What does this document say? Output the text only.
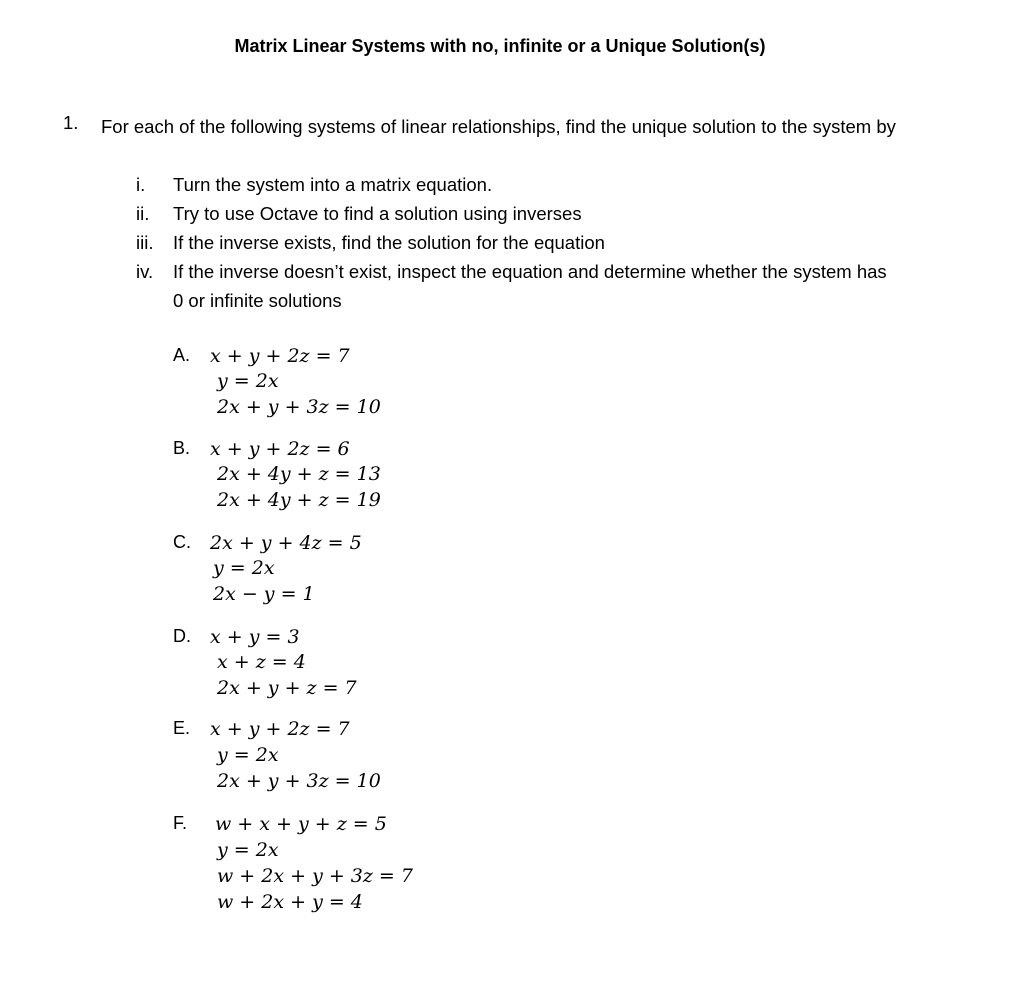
Matrix Linear Systems with no, infinite or a Unique Solution(s)
1. For each of the following systems of linear relationships, find the unique solution to the system by
i. Turn the system into a matrix equation.
ii. Try to use Octave to find a solution using inverses
iii. If the inverse exists, find the solution for the equation
iv. If the inverse doesn’t exist, inspect the equation and determine whether the system has
0 or infinite solutions
A. x + y + 2z = 7
y = 2x
2x + y + 3z = 10
B. x + y + 2z = 6
2x + 4y + z = 13
2x + 4y + z = 19
C. 2x + y + 4z = 5
y = 2x
2x − y = 1
D. x + y = 3
x + z = 4
2x + y + z = 7
E. x + y + 2z = 7
y = 2x
2x + y + 3z = 10
F. w + x + y + z = 5
y = 2x
w + 2x + y + 3z = 7
w + 2x + y = 4
